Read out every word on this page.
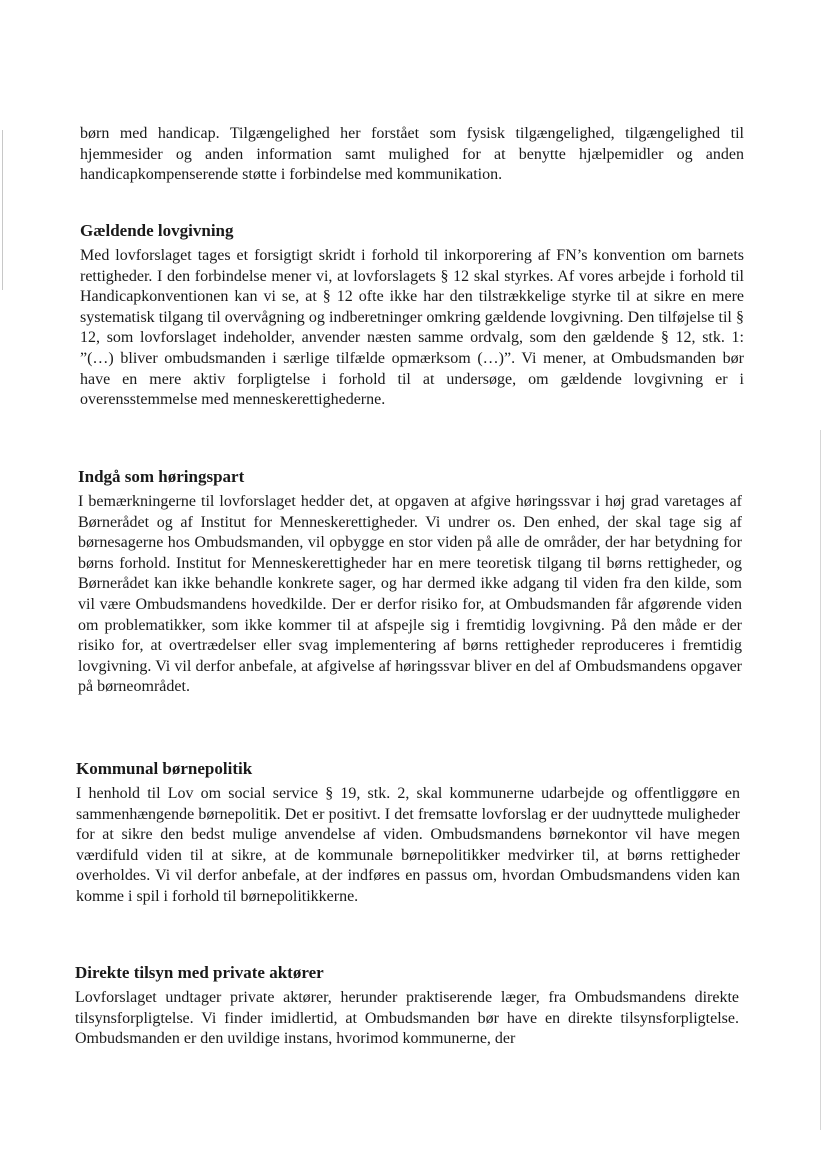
børn med handicap. Tilgængelighed her forstået som fysisk tilgængelighed, tilgængelighed til hjemmesider og anden information samt mulighed for at benytte hjælpemidler og anden handicapkompenserende støtte i forbindelse med kommunikation.

Gældende lovgivning

Med lovforslaget tages et forsigtigt skridt i forhold til inkorporering af FN’s konvention om barnets rettigheder. I den forbindelse mener vi, at lovforslagets § 12 skal styrkes. Af vores arbejde i forhold til Handicapkonventionen kan vi se, at § 12 ofte ikke har den tilstrækkelige styrke til at sikre en mere systematisk tilgang til overvågning og indberetninger omkring gældende lovgivning. Den tilføjelse til § 12, som lovforslaget indeholder, anvender næsten samme ordvalg, som den gældende § 12, stk. 1: ”(…) bliver ombudsmanden i særlige tilfælde opmærksom (…)”. Vi mener, at Ombudsmanden bør have en mere aktiv forpligtelse i forhold til at undersøge, om gældende lovgivning er i overensstemmelse med menneskerettighederne.

Indgå som høringspart

I bemærkningerne til lovforslaget hedder det, at opgaven at afgive høringssvar i høj grad varetages af Børnerådet og af Institut for Menneskerettigheder. Vi undrer os. Den enhed, der skal tage sig af børnesagerne hos Ombudsmanden, vil opbygge en stor viden på alle de områder, der har betydning for børns forhold. Institut for Menneskerettigheder har en mere teoretisk tilgang til børns rettigheder, og Børnerådet kan ikke behandle konkrete sager, og har dermed ikke adgang til viden fra den kilde, som vil være Ombudsmandens hovedkilde. Der er derfor risiko for, at Ombudsmanden får afgørende viden om problematikker, som ikke kommer til at afspejle sig i fremtidig lovgivning. På den måde er der risiko for, at overtrædelser eller svag implementering af børns rettigheder reproduceres i fremtidig lovgivning. Vi vil derfor anbefale, at afgivelse af høringssvar bliver en del af Ombudsmandens opgaver på børneområdet.

Kommunal børnepolitik

I henhold til Lov om social service § 19, stk. 2, skal kommunerne udarbejde og offentliggøre en sammenhængende børnepolitik. Det er positivt. I det fremsatte lovforslag er der uudnyttede muligheder for at sikre den bedst mulige anvendelse af viden. Ombudsmandens børnekontor vil have megen værdifuld viden til at sikre, at de kommunale børnepolitikker medvirker til, at børns rettigheder overholdes. Vi vil derfor anbefale, at der indføres en passus om, hvordan Ombudsmandens viden kan komme i spil i forhold til børnepolitikkerne.

Direkte tilsyn med private aktører

Lovforslaget undtager private aktører, herunder praktiserende læger, fra Ombudsmandens direkte tilsynsforpligtelse. Vi finder imidlertid, at Ombudsmanden bør have en direkte tilsynsforpligtelse. Ombudsmanden er den uvildige instans, hvorimod kommunerne, der
